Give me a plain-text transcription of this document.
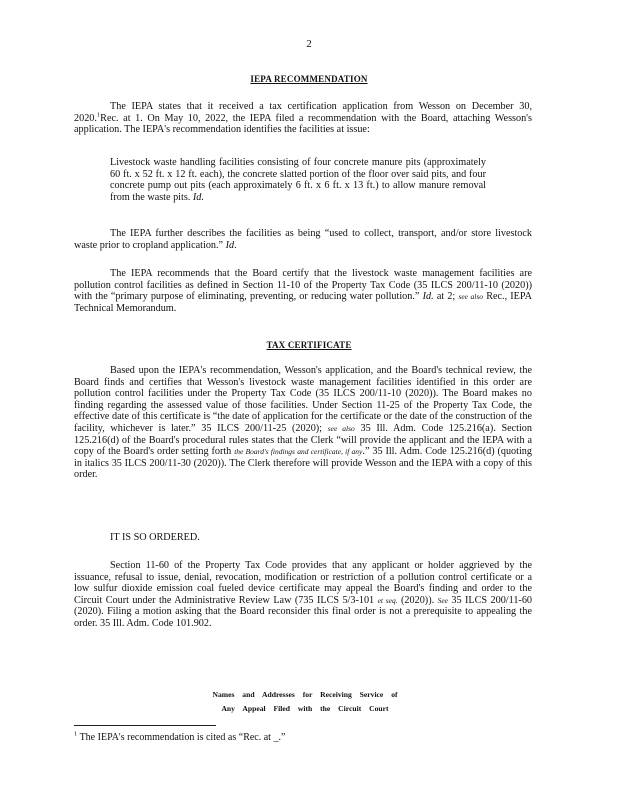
2
IEPA RECOMMENDATION
The IEPA states that it received a tax certification application from Wesson on December 30, 2020.$^1$Rec. at 1. On May 10, 2022, the IEPA filed a recommendation with the Board, attaching Wesson's application. The IEPA's recommendation identifies the facilities at issue:
Livestock waste handling facilities consisting of four concrete manure pits (approximately 60 ft. x 52 ft. x 12 ft. each), the concrete slatted portion of the floor over said pits, and four concrete pump out pits (each approximately 6 ft. x 6 ft. x 13 ft.) to allow manure removal from the waste pits. Id.
The IEPA further describes the facilities as being “used to collect, transport, and/or store livestock waste prior to cropland application.” Id.
The IEPA recommends that the Board certify that the livestock waste management facilities are pollution control facilities as defined in Section 11-10 of the Property Tax Code (35 ILCS 200/11-10 (2020)) with the “primary purpose of eliminating, preventing, or reducing water pollution.” Id. at 2; see also Rec., IEPA Technical Memorandum.
TAX CERTIFICATE
Based upon the IEPA's recommendation, Wesson's application, and the Board's technical review, the Board finds and certifies that Wesson's livestock waste management facilities identified in this order are pollution control facilities under the Property Tax Code (35 ILCS 200/11-10 (2020)). The Board makes no finding regarding the assessed value of those facilities. Under Section 11-25 of the Property Tax Code, the effective date of this certificate is “the date of application for the certificate or the date of the construction of the facility, whichever is later.” 35 ILCS 200/11-25 (2020); see also 35 Ill. Adm. Code 125.216(a). Section 125.216(d) of the Board's procedural rules states that the Clerk “will provide the applicant and the IEPA with a copy of the Board's order setting forth the Board's findings and certificate, if any.” 35 Ill. Adm. Code 125.216(d) (quoting in italics 35 ILCS 200/11-30 (2020)). The Clerk therefore will provide Wesson and the IEPA with a copy of this order.
IT IS SO ORDERED.
Section 11-60 of the Property Tax Code provides that any applicant or holder aggrieved by the issuance, refusal to issue, denial, revocation, modification or restriction of a pollution control certificate or a low sulfur dioxide emission coal fueled device certificate may appeal the Board's finding and order to the Circuit Court under the Administrative Review Law (735 ILCS 5/3-101 et seq. (2020)). See 35 ILCS 200/11-60 (2020). Filing a motion asking that the Board reconsider this final order is not a prerequisite to appealing the order. 35 Ill. Adm. Code 101.902.
Names and Addresses for Receiving Service of
Any Appeal Filed with the Circuit Court
$^1$ The IEPA's recommendation is cited as “Rec. at _.”
